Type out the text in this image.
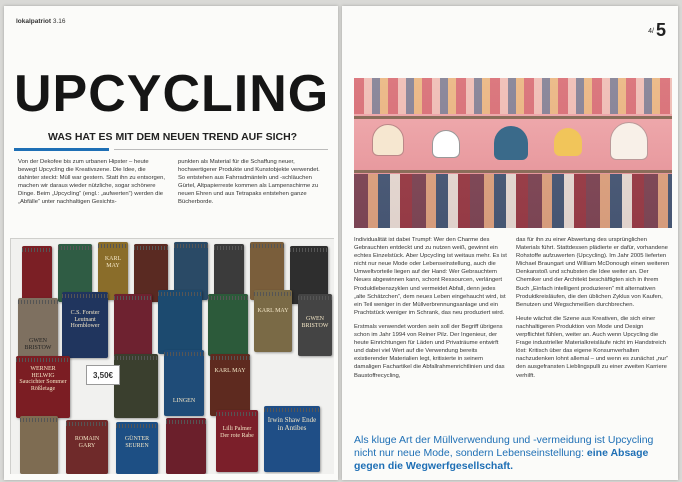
lokalpatriot 3.16
UPCYCLING
WAS HAT ES MIT DEM NEUEN TREND AUF SICH?

Von der Dekofee bis zum urbanen Hipster – heute bewegt Upcycling die Kreativszene. Die Idee, die dahinter steckt: Müll war gestern. Statt ihn zu entsorgen, machen wir daraus wieder nützliche, sogar schönere Dinge. Beim „Upcycling“ (engl.: „aufwerten“) werden die „Abfälle“ unter nachhaltigen Gesichts-

punkten als Material für die Schaffung neuer, hochwertigerer Produkte und Kunstobjekte verwendet. So entstehen aus Fahrradmänteln und -schläuchen Gürtel, Altpapierreste kommen als Lampenschirme zu neuen Ehren und aus Tetrapaks entstehen ganze Bücherborde.

KARL MAY
GWEN BRISTOW
C.S. Forster Leutnant Hornblower
KARL MAY
GWEN BRISTOW
WERNER HELWIG Saucichter Sommer Rößletage
LINGEN
KARL MAY
ROMAIN GARY
GÜNTER SEUREN
Lilli Palmer Der rote Rabe
Irwin Shaw Ende in Antibes
3,50€
4/ 5

Individualität ist dabei Trumpf: Wer den Charme des Gebrauchten entdeckt und zu nutzen weiß, gewinnt ein echtes Einzelstück. Aber Upcycling ist weitaus mehr. Es ist nicht nur neue Mode oder Lebenseinstellung, auch die Umweltvorteile liegen auf der Hand: Wer Gebrauchtem Neues abgewinnen kann, schont Ressourcen, verlängert Produktlebenszyklen und vermeidet Abfall, denn jedes „alte Schätzchen“, dem neues Leben eingehaucht wird, ist ein Teil weniger in der Müllverbrennungsanlage und ein Prachtstück weniger im Schrank, das neu produziert wird.

Erstmals verwendet worden sein soll der Begriff übrigens schon im Jahr 1994 von Reiner Pilz. Der Ingenieur, der heute Einrichtungen für Läden und Privaträume entwirft und dabei viel Wert auf die Verwendung bereits existierender Materialien legt, kritisierte in seinem damaligen Fachartikel die Abfallrahmenrichtlinien und das Baustoffrecycling,

das für ihn zu einer Abwertung des ursprünglichen Materials führt. Stattdessen plädierte er dafür, vorhandene Rohstoffe aufzuwerten (Upcycling). Im Jahr 2005 lieferten Michael Braungart und William McDonough einen weiteren Denkanstoß und schubsten die Idee weiter an. Der Chemiker und der Architekt beschäftigten sich in ihrem Buch „Einfach intelligent produzieren“ mit alternativen Produktkreisläufen, die den üblichen Zyklus von Kaufen, Benutzen und Wegschmeißen durchbrechen.

Heute wächst die Szene aus Kreativen, die sich einer nachhaltigeren Produktion von Mode und Design verpflichtet fühlen, weiter an. Auch wenn Upcycling die Frage industrieller Materialkreisläufe nicht im Handstreich löst: Kritisch über das eigene Konsumverhalten nachzudenken lohnt allemal – und wenn es zunächst „nur“ den ausgefransten Lieblingspulli zu einer zweiten Karriere verhilft.

Als kluge Art der Müllverwendung und -vermeidung ist Upcycling nicht nur neue Mode, sondern Lebenseinstellung: eine Absage gegen die Wegwerfgesellschaft.
